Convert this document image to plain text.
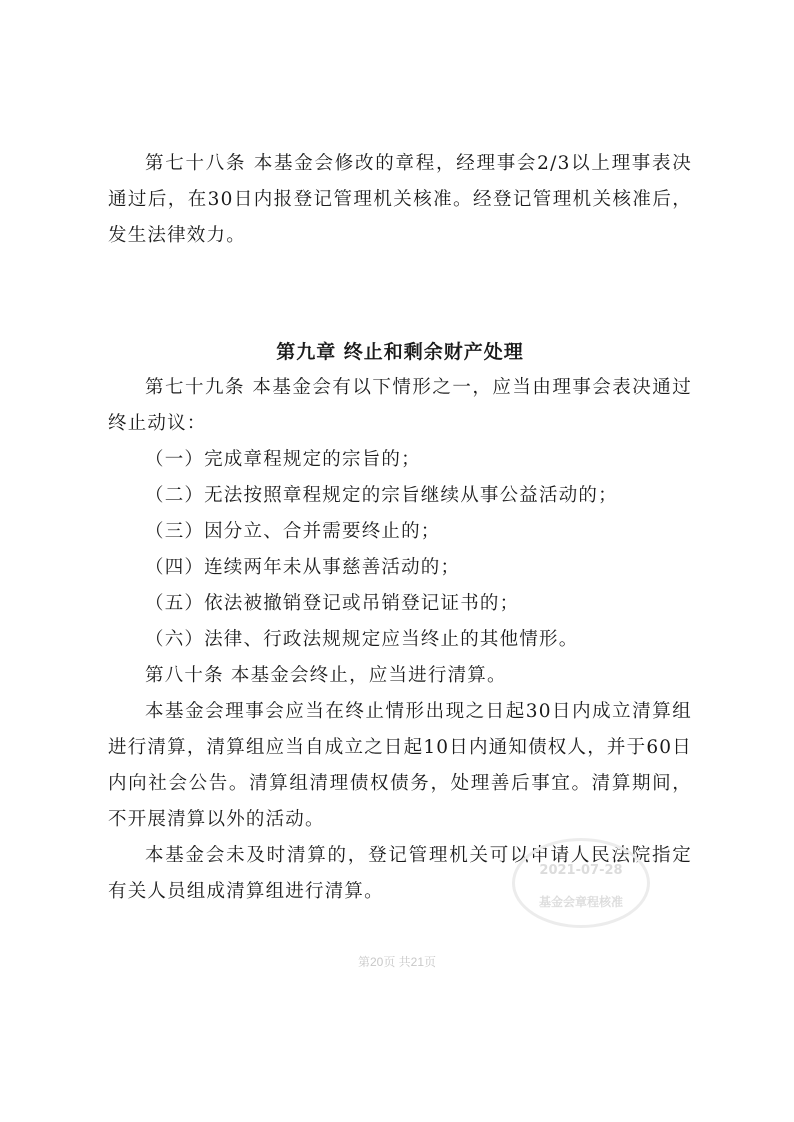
第七十八条 本基金会修改的章程，经理事会2/3以上理事表决通过后，在30日内报登记管理机关核准。经登记管理机关核准后，发生法律效力。

第九章 终止和剩余财产处理

第七十九条 本基金会有以下情形之一，应当由理事会表决通过终止动议：

（一）完成章程规定的宗旨的；

（二）无法按照章程规定的宗旨继续从事公益活动的；

（三）因分立、合并需要终止的；

（四）连续两年未从事慈善活动的；

（五）依法被撤销登记或吊销登记证书的；

（六）法律、行政法规规定应当终止的其他情形。

第八十条 本基金会终止，应当进行清算。

本基金会理事会应当在终止情形出现之日起30日内成立清算组进行清算，清算组应当自成立之日起10日内通知债权人，并于60日内向社会公告。清算组清理债权债务，处理善后事宜。清算期间，不开展清算以外的活动。

本基金会未及时清算的，登记管理机关可以申请人民法院指定有关人员组成清算组进行清算。

2021-07-28
基金会章程核准
第20页 共21页
